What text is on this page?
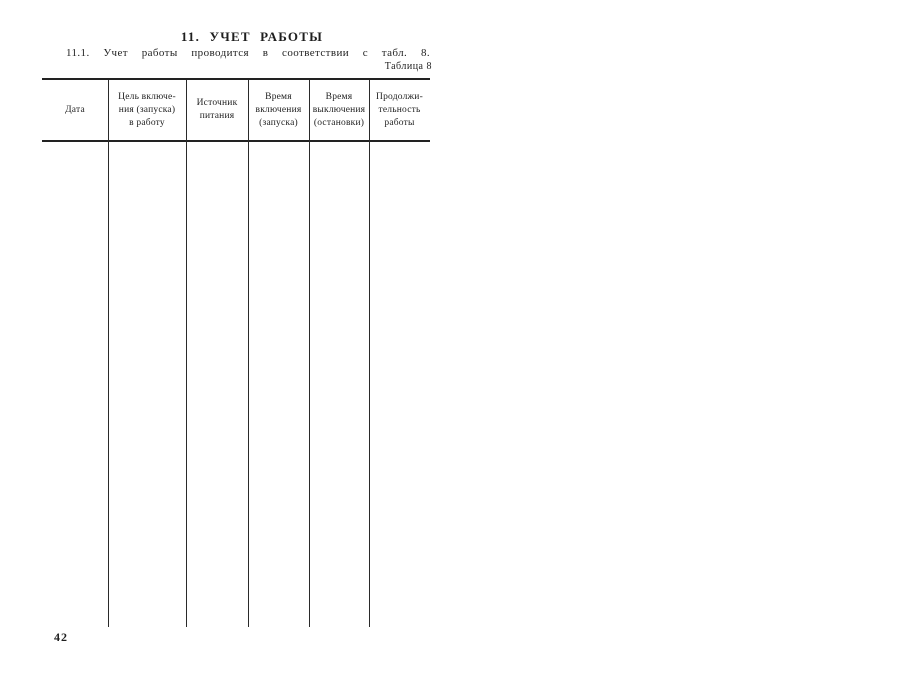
11. УЧЕТ РАБОТЫ
11.1. Учет работы проводится в соответствии с табл. 8.
Таблица 8
Дата
Цель включе-
ния (запуска)
в работу
Источник
питания
Время
включения
(запуска)
Время
выключения
(остановки)
Продолжи-
тельность
работы
42
